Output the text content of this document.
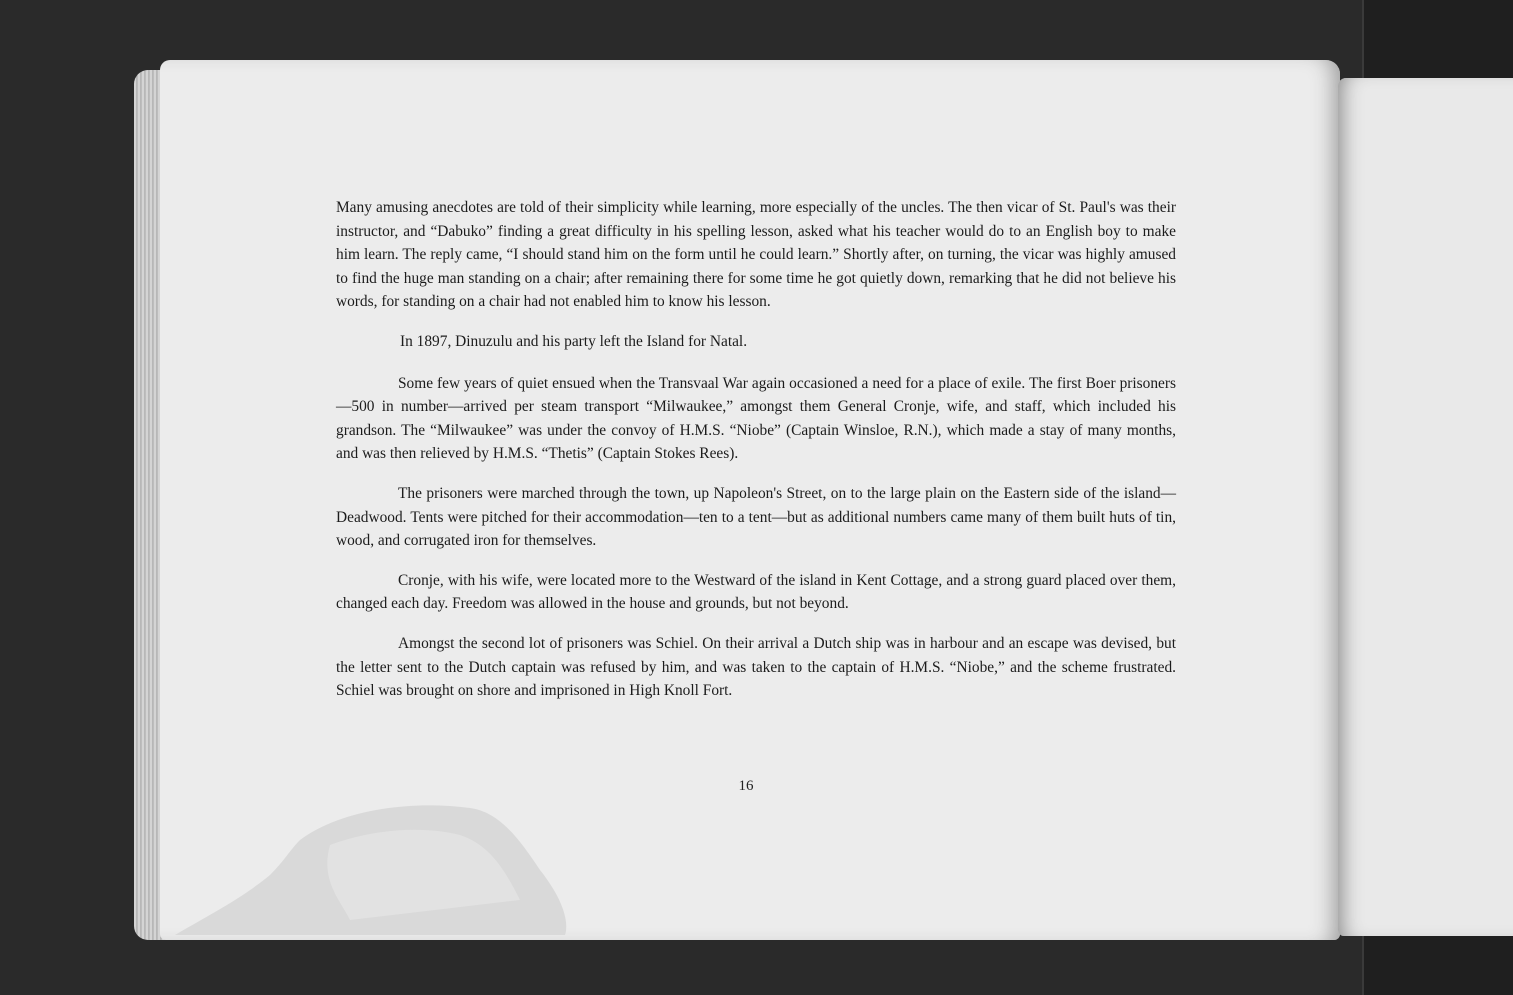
Many amusing anecdotes are told of their simplicity while learning, more especially of the uncles. The then vicar of St. Paul's was their instructor, and “Dabuko” finding a great difficulty in his spelling lesson, asked what his teacher would do to an English boy to make him learn. The reply came, “I should stand him on the form until he could learn.” Shortly after, on turning, the vicar was highly amused to find the huge man standing on a chair; after remaining there for some time he got quietly down, remarking that he did not believe his words, for standing on a chair had not enabled him to know his lesson.

In 1897, Dinuzulu and his party left the Island for Natal.

Some few years of quiet ensued when the Transvaal War again occasioned a need for a place of exile. The first Boer prisoners—500 in number—arrived per steam transport “Milwaukee,” amongst them General Cronje, wife, and staff, which included his grandson. The “Milwaukee” was under the convoy of H.M.S. “Niobe” (Captain Winsloe, R.N.), which made a stay of many months, and was then relieved by H.M.S. “Thetis” (Captain Stokes Rees).

The prisoners were marched through the town, up Napoleon's Street, on to the large plain on the Eastern side of the island—Deadwood. Tents were pitched for their accommodation—ten to a tent—but as additional numbers came many of them built huts of tin, wood, and corrugated iron for themselves.

Cronje, with his wife, were located more to the Westward of the island in Kent Cottage, and a strong guard placed over them, changed each day. Freedom was allowed in the house and grounds, but not beyond.

Amongst the second lot of prisoners was Schiel. On their arrival a Dutch ship was in harbour and an escape was devised, but the letter sent to the Dutch captain was refused by him, and was taken to the captain of H.M.S. “Niobe,” and the scheme frustrated. Schiel was brought on shore and imprisoned in High Knoll Fort.

16
